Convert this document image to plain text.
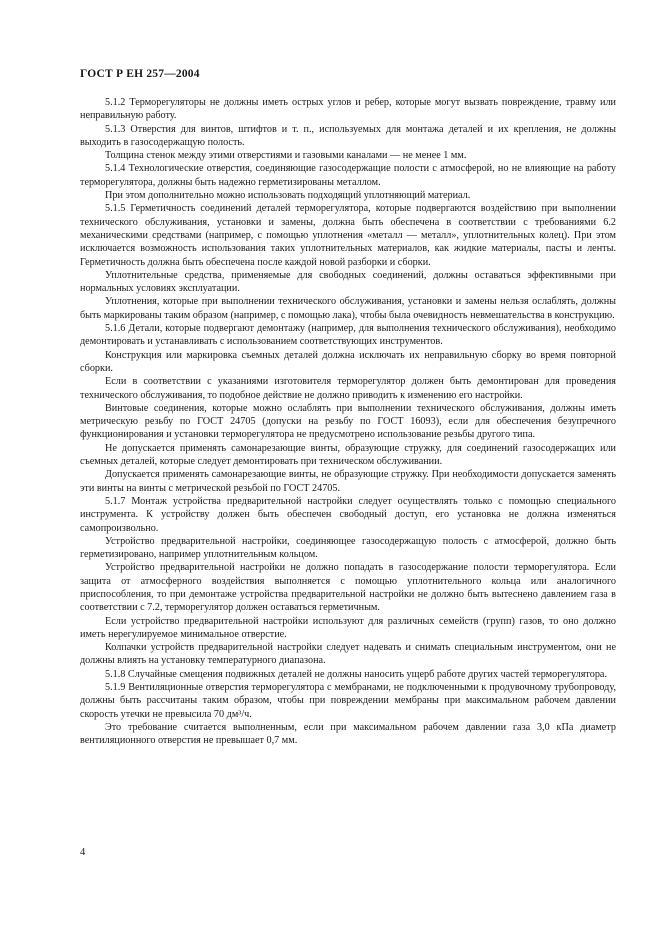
ГОСТ Р ЕН 257—2004

5.1.2 Терморегуляторы не должны иметь острых углов и ребер, которые могут вызвать повреждение, травму или неправильную работу.

5.1.3 Отверстия для винтов, штифтов и т. п., используемых для монтажа деталей и их крепления, не должны выходить в газосодержащую полость.

Толщина стенок между этими отверстиями и газовыми каналами — не менее 1 мм.

5.1.4 Технологические отверстия, соединяющие газосодержащие полости с атмосферой, но не влияющие на работу терморегулятора, должны быть надежно герметизированы металлом.

При этом дополнительно можно использовать подходящий уплотняющий материал.

5.1.5 Герметичность соединений деталей терморегулятора, которые подвергаются воздействию при выполнении технического обслуживания, установки и замены, должна быть обеспечена в соответствии с требованиями 6.2 механическими средствами (например, с помощью уплотнения «металл — металл», уплотнительных колец). При этом исключается возможность использования таких уплотнительных материалов, как жидкие материалы, пасты и ленты. Герметичность должна быть обеспечена после каждой новой разборки и сборки.

Уплотнительные средства, применяемые для свободных соединений, должны оставаться эффективными при нормальных условиях эксплуатации.

Уплотнения, которые при выполнении технического обслуживания, установки и замены нельзя ослаблять, должны быть маркированы таким образом (например, с помощью лака), чтобы была очевидность невмешательства в конструкцию.

5.1.6 Детали, которые подвергают демонтажу (например, для выполнения технического обслуживания), необходимо демонтировать и устанавливать с использованием соответствующих инструментов.

Конструкция или маркировка съемных деталей должна исключать их неправильную сборку во время повторной сборки.

Если в соответствии с указаниями изготовителя терморегулятор должен быть демонтирован для проведения технического обслуживания, то подобное действие не должно приводить к изменению его настройки.

Винтовые соединения, которые можно ослаблять при выполнении технического обслуживания, должны иметь метрическую резьбу по ГОСТ 24705 (допуски на резьбу по ГОСТ 16093), если для обеспечения безупречного функционирования и установки терморегулятора не предусмотрено использование резьбы другого типа.

Не допускается применять самонарезающие винты, образующие стружку, для соединений газосодержащих или съемных деталей, которые следует демонтировать при техническом обслуживании.

Допускается применять самонарезающие винты, не образующие стружку. При необходимости допускается заменять эти винты на винты с метрической резьбой по ГОСТ 24705.

5.1.7 Монтаж устройства предварительной настройки следует осуществлять только с помощью специального инструмента. К устройству должен быть обеспечен свободный доступ, его установка не должна изменяться самопроизвольно.

Устройство предварительной настройки, соединяющее газосодержащую полость с атмосферой, должно быть герметизировано, например уплотнительным кольцом.

Устройство предварительной настройки не должно попадать в газосодержание полости терморегулятора. Если защита от атмосферного воздействия выполняется с помощью уплотнительного кольца или аналогичного приспособления, то при демонтаже устройства предварительной настройки не должно быть вытеснено давлением газа в соответствии с 7.2, терморегулятор должен оставаться герметичным.

Если устройство предварительной настройки используют для различных семейств (групп) газов, то оно должно иметь нерегулируемое минимальное отверстие.

Колпачки устройств предварительной настройки следует надевать и снимать специальным инструментом, они не должны влиять на установку температурного диапазона.

5.1.8 Случайные смещения подвижных деталей не должны наносить ущерб работе других частей терморегулятора.

5.1.9 Вентиляционные отверстия терморегулятора с мембранами, не подключенными к продувочному трубопроводу, должны быть рассчитаны таким образом, чтобы при повреждении мембраны при максимальном рабочем давлении скорость утечки не превысила 70 дм³/ч.

Это требование считается выполненным, если при максимальном рабочем давлении газа 3,0 кПа диаметр вентиляционного отверстия не превышает 0,7 мм.

4
